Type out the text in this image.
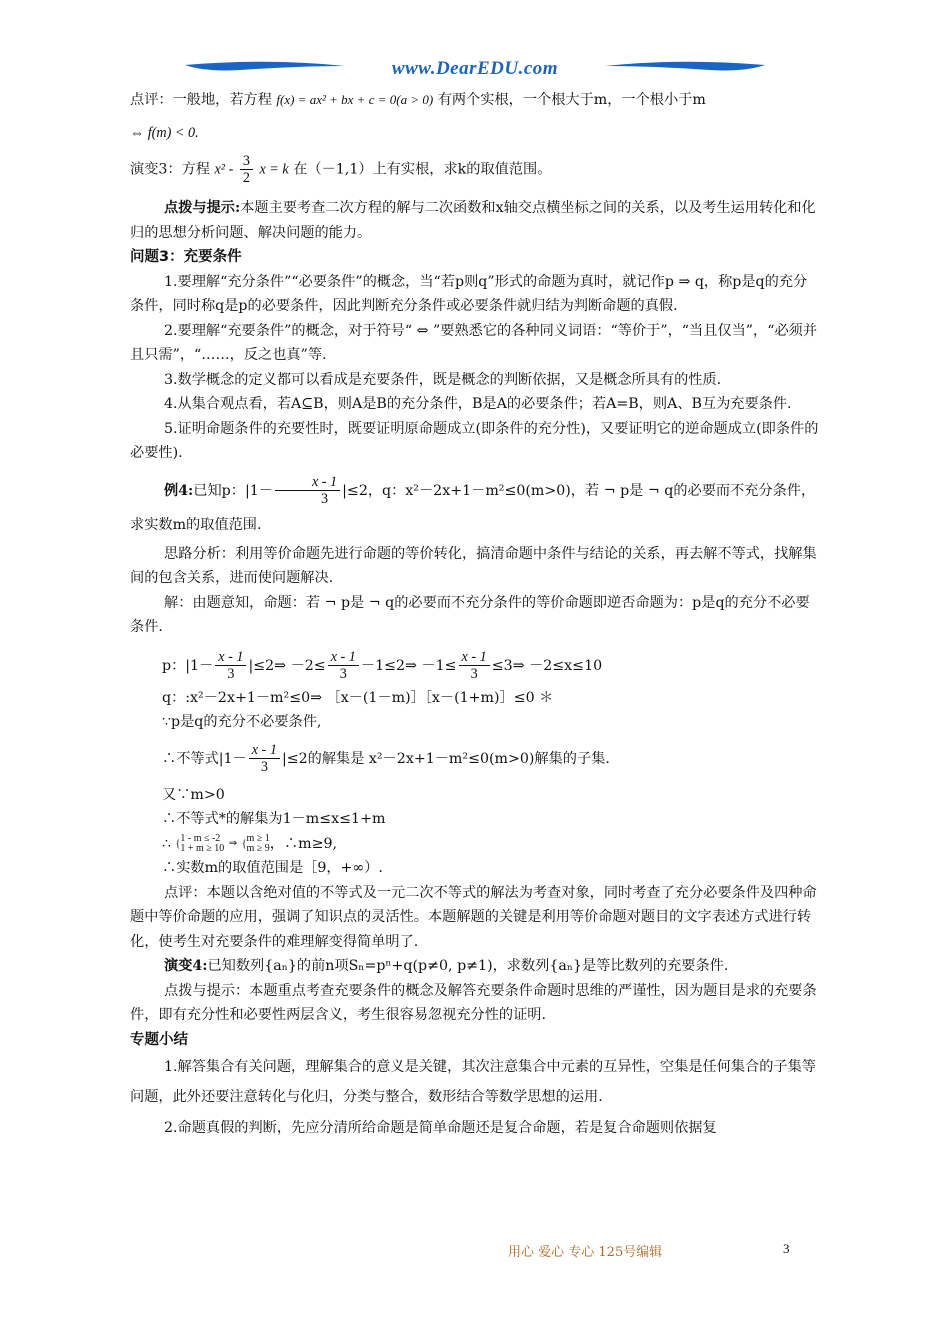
www.DearEDU.com

点评：一般地，若方程 f(x) = ax² + bx + c = 0(a > 0) 有两个实根，一个根大于m，一个根小于m

⇔ f(m) < 0.

演变3：方程 $x^2 - \frac{3}{2}$ x = k 在（－1,1）上有实根，求k的取值范围。

点拨与提示:本题主要考查二次方程的解与二次函数和x轴交点横坐标之间的关系，以及考生运用转化和化归的思想分析问题、解决问题的能力。

问题3：充要条件

1.要理解“充分条件”“必要条件”的概念，当“若p则q”形式的命题为真时，就记作p ⇒ q，称p是q的充分条件，同时称q是p的必要条件，因此判断充分条件或必要条件就归结为判断命题的真假.

2.要理解“充要条件”的概念，对于符号“ ⇔ ”要熟悉它的各种同义词语：“等价于”，“当且仅当”，“必须并且只需”，“……，反之也真”等.

3.数学概念的定义都可以看成是充要条件，既是概念的判断依据，又是概念所具有的性质.

4.从集合观点看，若A⊆B，则A是B的充分条件，B是A的必要条件；若A=B，则A、B互为充要条件.

5.证明命题条件的充要性时，既要证明原命题成立(即条件的充分性)，又要证明它的逆命题成立(即条件的必要性).

例4:已知p：$|1- \frac{x - 1}{3} |\le 2$，q：x²－2x+1－m²≤0(m>0)，若 ¬ p是 ¬ q的必要而不充分条件，求实数m的取值范围.

思路分析：利用等价命题先进行命题的等价转化，搞清命题中条件与结论的关系，再去解不等式，找解集间的包含关系，进而使问题解决.

解：由题意知，命题：若 ¬ p是 ¬ q的必要而不充分条件的等价命题即逆否命题为：p是q的充分不必要条件.

p：$|1- \frac{x - 1}{3}$ |≤2⇒ $-2\le \frac{x - 1}{3}$ －1≤2⇒ $-1\le \frac{x - 1}{3}$ ≤3⇒ －2≤x≤10

q：:x²－2x+1－m²≤0⇒ ［x－(1－m)］［x－(1+m)］≤0 ＊

∵p是q的充分不必要条件,

∴不等式$|1- \frac{x - 1}{3} |\le 2$的解集是 x²－2x+1－m²≤0(m>0)解集的子集.

又∵m>0

∴不等式*的解集为1－m≤x≤1+m

∴ { 1 - m ≤ -2
1 + m ≥ 10 ⇒ { m ≥ 1
m ≥ 9 ，∴m≥9,

∴实数m的取值范围是［9，+∞）.

点评：本题以含绝对值的不等式及一元二次不等式的解法为考查对象，同时考查了充分必要条件及四种命题中等价命题的应用，强调了知识点的灵活性。本题解题的关键是利用等价命题对题目的文字表述方式进行转化，使考生对充要条件的难理解变得简单明了.

演变4:已知数列{aₙ}的前n项Sₙ=pⁿ+q(p≠0, p≠1)，求数列{aₙ}是等比数列的充要条件.

点拨与提示：本题重点考查充要条件的概念及解答充要条件命题时思维的严谨性，因为题目是求的充要条件，即有充分性和必要性两层含义，考生很容易忽视充分性的证明.

专题小结

1.解答集合有关问题，理解集合的意义是关键，其次注意集合中元素的互异性，空集是任何集合的子集等问题，此外还要注意转化与化归，分类与整合，数形结合等数学思想的运用.

2.命题真假的判断，先应分清所给命题是简单命题还是复合命题，若是复合命题则依据复

用心 爱心 专心 125号编辑	3
